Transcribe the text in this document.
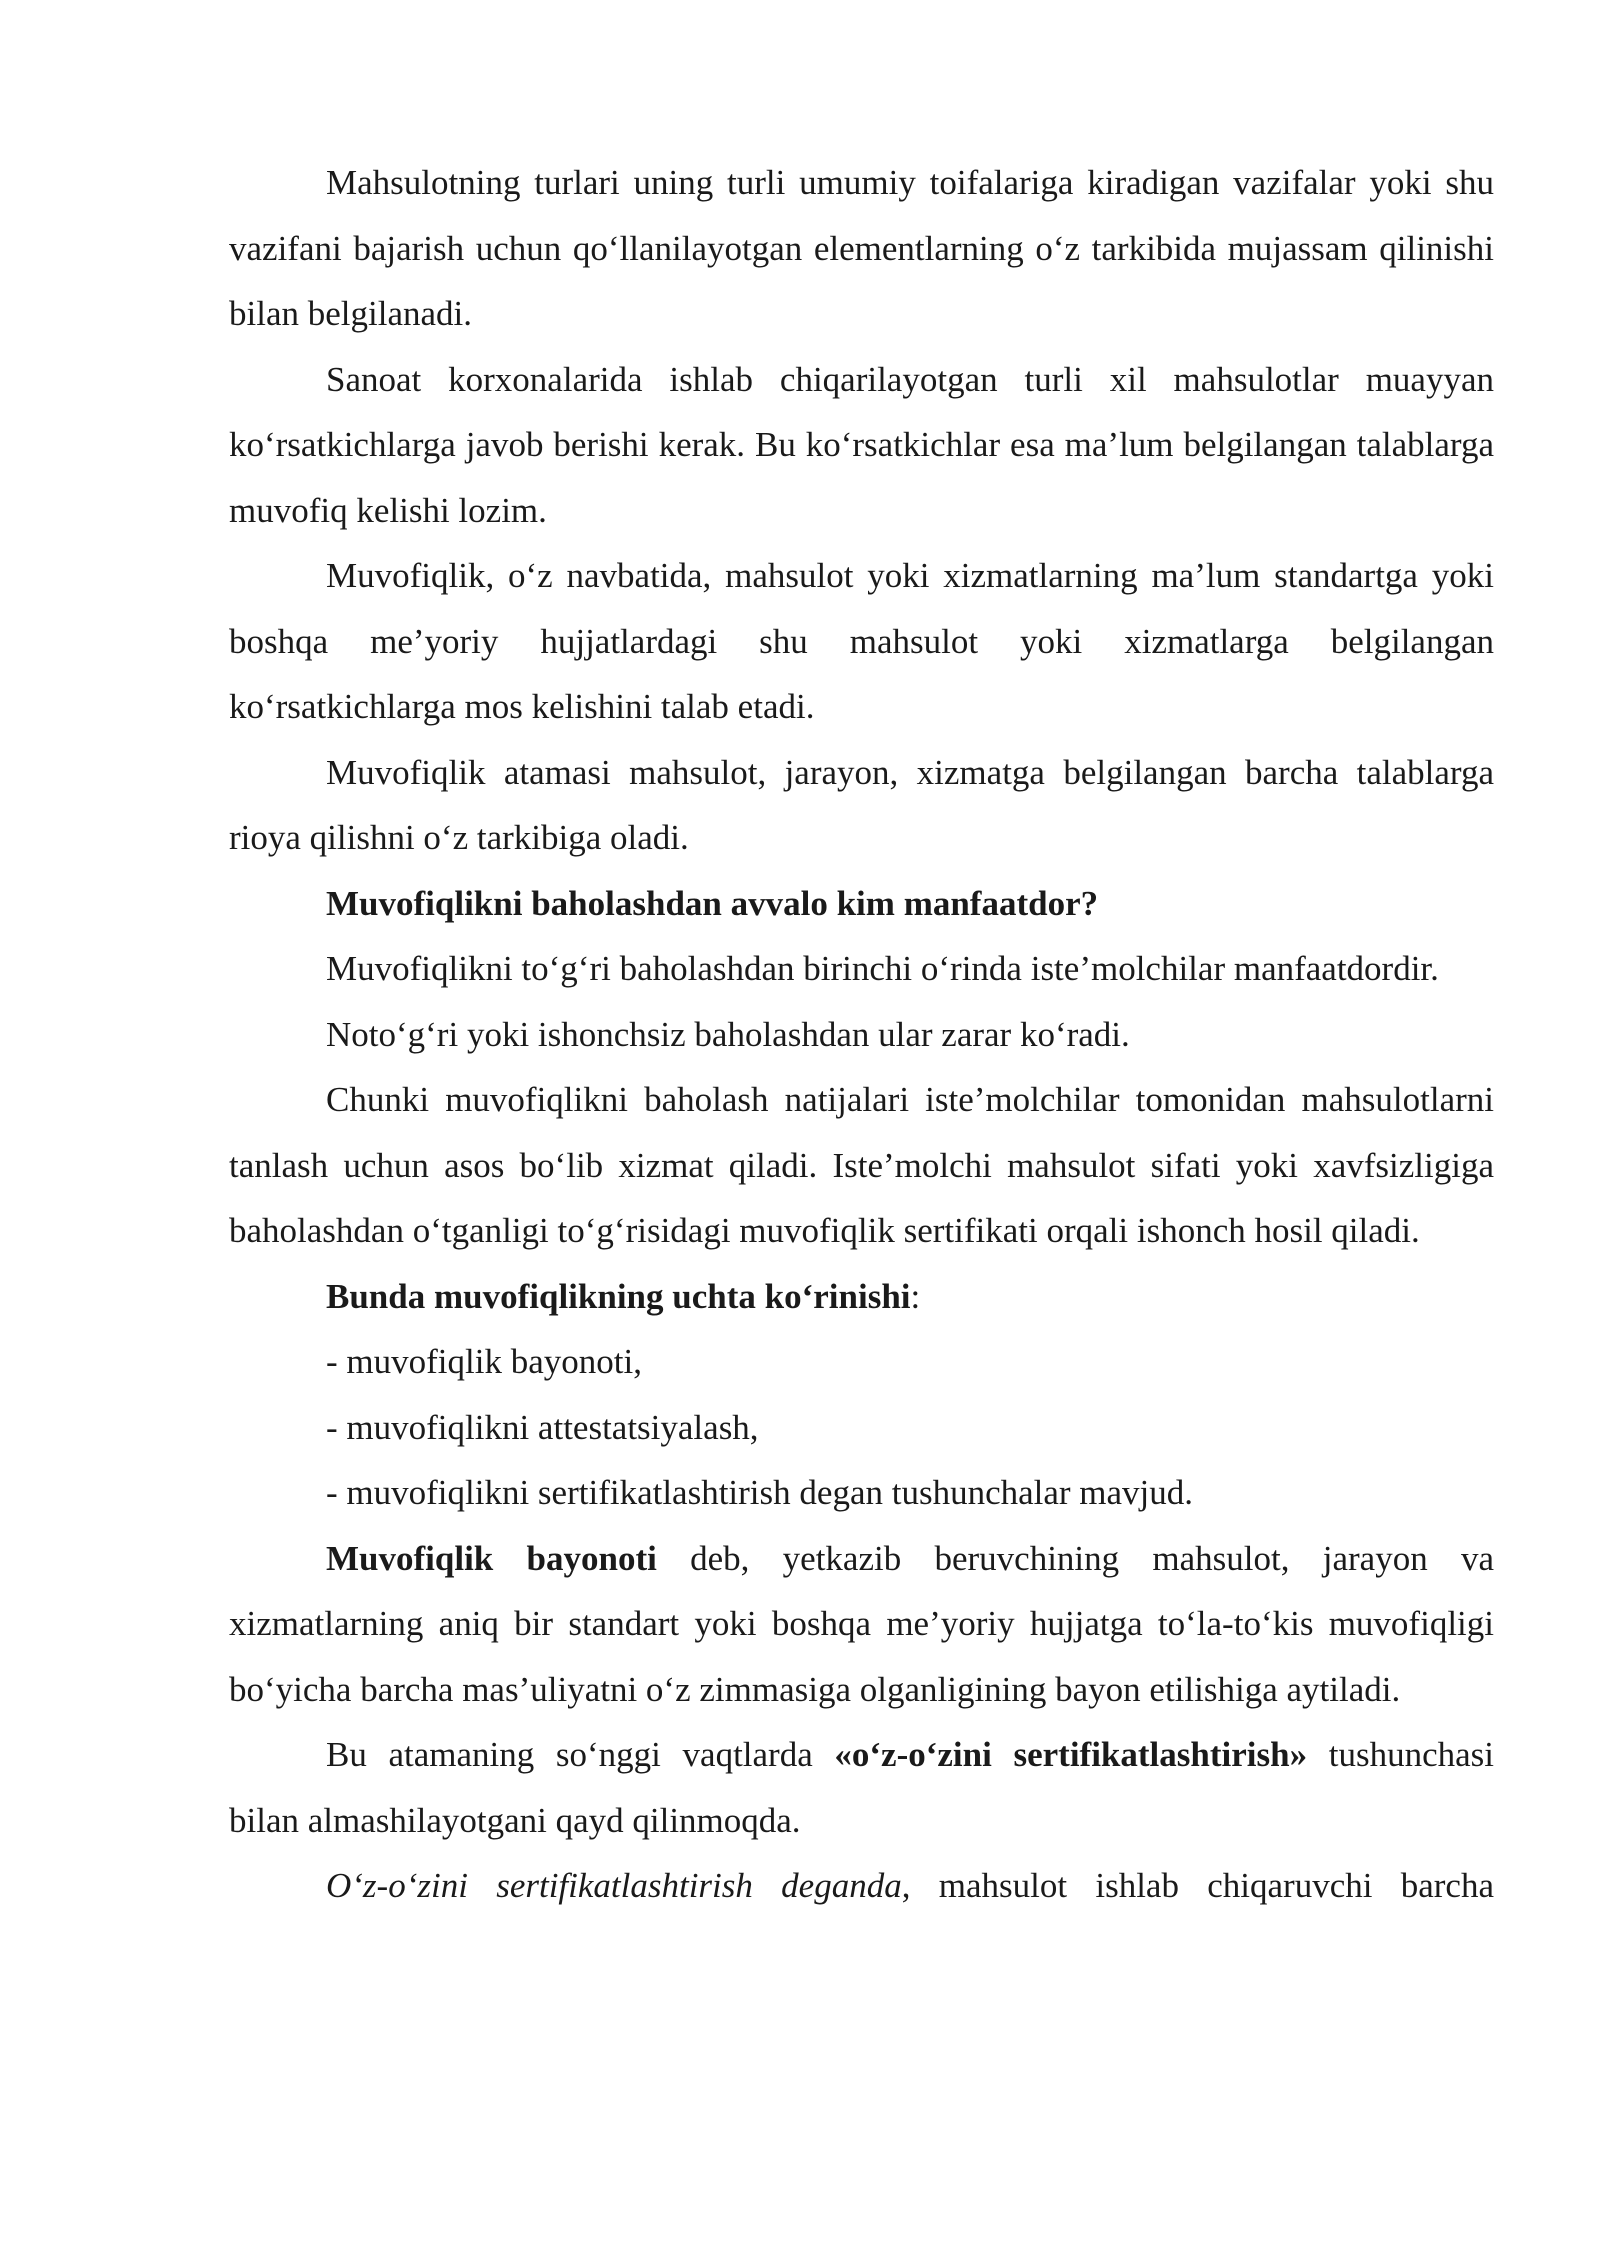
Mahsulotning turlari uning turli umumiy toifalariga kiradigan vazifalar yoki shu vazifani bajarish uchun qo‘llanilayotgan elementlarning o‘z tarkibida mujassam qilinishi bilan belgilanadi.

Sanoat korxonalarida ishlab chiqarilayotgan turli xil mahsulotlar muayyan ko‘rsatkichlarga javob berishi kerak. Bu ko‘rsatkichlar esa ma’lum belgilangan talablarga muvofiq kelishi lozim.

Muvofiqlik, o‘z navbatida, mahsulot yoki xizmatlarning ma’lum standartga yoki boshqa me’yoriy hujjatlardagi shu mahsulot yoki xizmatlarga belgilangan ko‘rsatkichlarga mos kelishini talab etadi.

Muvofiqlik atamasi mahsulot, jarayon, xizmatga belgilangan barcha talablarga rioya qilishni o‘z tarkibiga oladi.

Muvofiqlikni baholashdan avvalo kim manfaatdor?

Muvofiqlikni to‘g‘ri baholashdan birinchi o‘rinda iste’molchilar manfaatdordir.

Noto‘g‘ri yoki ishonchsiz baholashdan ular zarar ko‘radi.

Chunki muvofiqlikni baholash natijalari iste’molchilar tomonidan mahsulotlarni tanlash uchun asos bo‘lib xizmat qiladi. Iste’molchi mahsulot sifati yoki xavfsizligiga baholashdan o‘tganligi to‘g‘risidagi muvofiqlik sertifikati orqali ishonch hosil qiladi.

Bunda muvofiqlikning uchta ko‘rinishi:

- muvofiqlik bayonoti,

- muvofiqlikni attestatsiyalash,

- muvofiqlikni sertifikatlashtirish degan tushunchalar mavjud.

Muvofiqlik bayonoti deb, yetkazib beruvchining mahsulot, jarayon va xizmatlarning aniq bir standart yoki boshqa me’yoriy hujjatga to‘la-to‘kis muvofiqligi bo‘yicha barcha mas’uliyatni o‘z zimmasiga olganligining bayon etilishiga aytiladi.

Bu atamaning so‘nggi vaqtlarda «o‘z-o‘zini sertifikatlashtirish» tushunchasi bilan almashilayotgani qayd qilinmoqda.

O‘z-o‘zini sertifikatlashtirish deganda, mahsulot ishlab chiqaruvchi barcha
